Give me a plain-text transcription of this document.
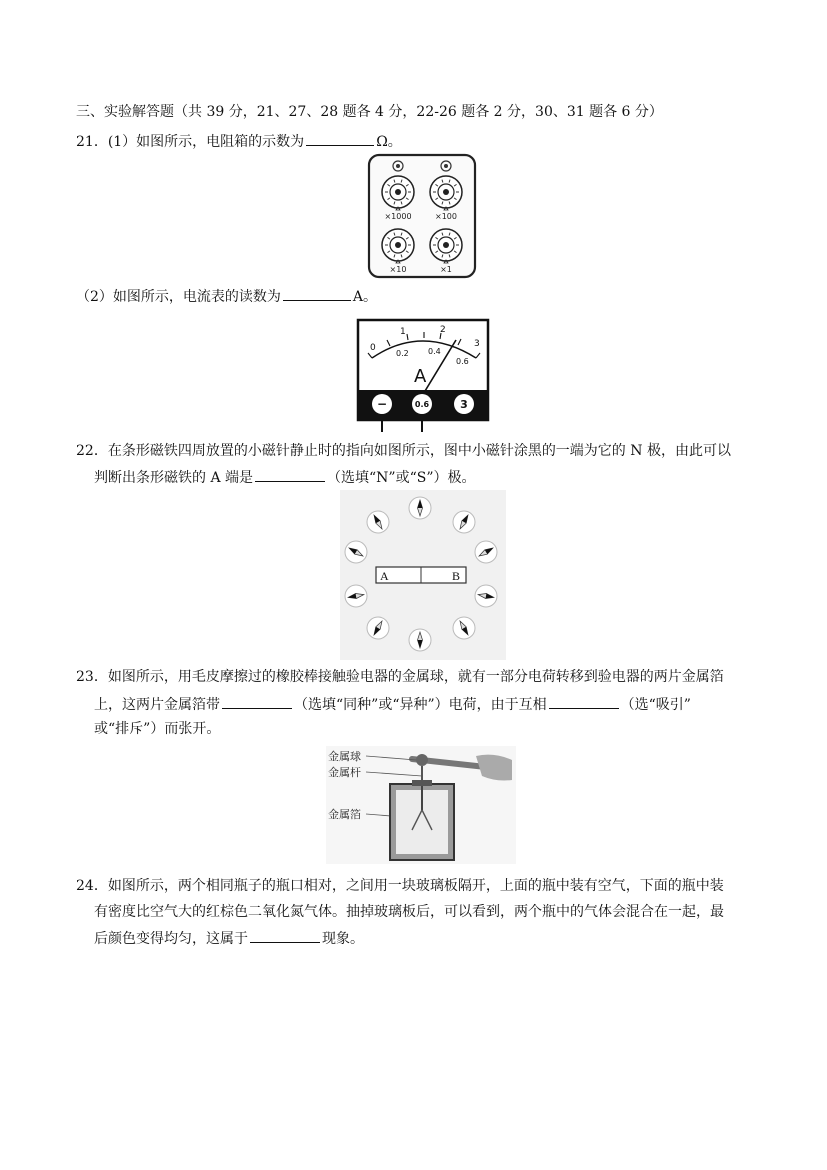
三、实验解答题（共 39 分，21、27、28 题各 4 分，22-26 题各 2 分，30、31 题各 6 分）
21．(1）如图所示，电阻箱的示数为	Ω。
×1000	×100
×10	×1
（2）如图所示，电流表的读数为	A。
0
1	2
3
0.2 0.4
0.6
A
−	0.6	3
22．在条形磁铁四周放置的小磁针静止时的指向如图所示，图中小磁针涂黑的一端为它的 N 极，由此可以
判断出条形磁铁的 A 端是	（选填“N”或“S”）极。
A	B
23．如图所示，用毛皮摩擦过的橡胶棒接触验电器的金属球，就有一部分电荷转移到验电器的两片金属箔
上，这两片金属箔带	（选填“同种”或“异种”）电荷，由于互相	（选“吸引”
或“排斥”）而张开。
金属球
金属杆
金属箔
24．如图所示，两个相同瓶子的瓶口相对，之间用一块玻璃板隔开，上面的瓶中装有空气，下面的瓶中装
有密度比空气大的红棕色二氧化氮气体。抽掉玻璃板后，可以看到，两个瓶中的气体会混合在一起，最
后颜色变得均匀，这属于	现象。
